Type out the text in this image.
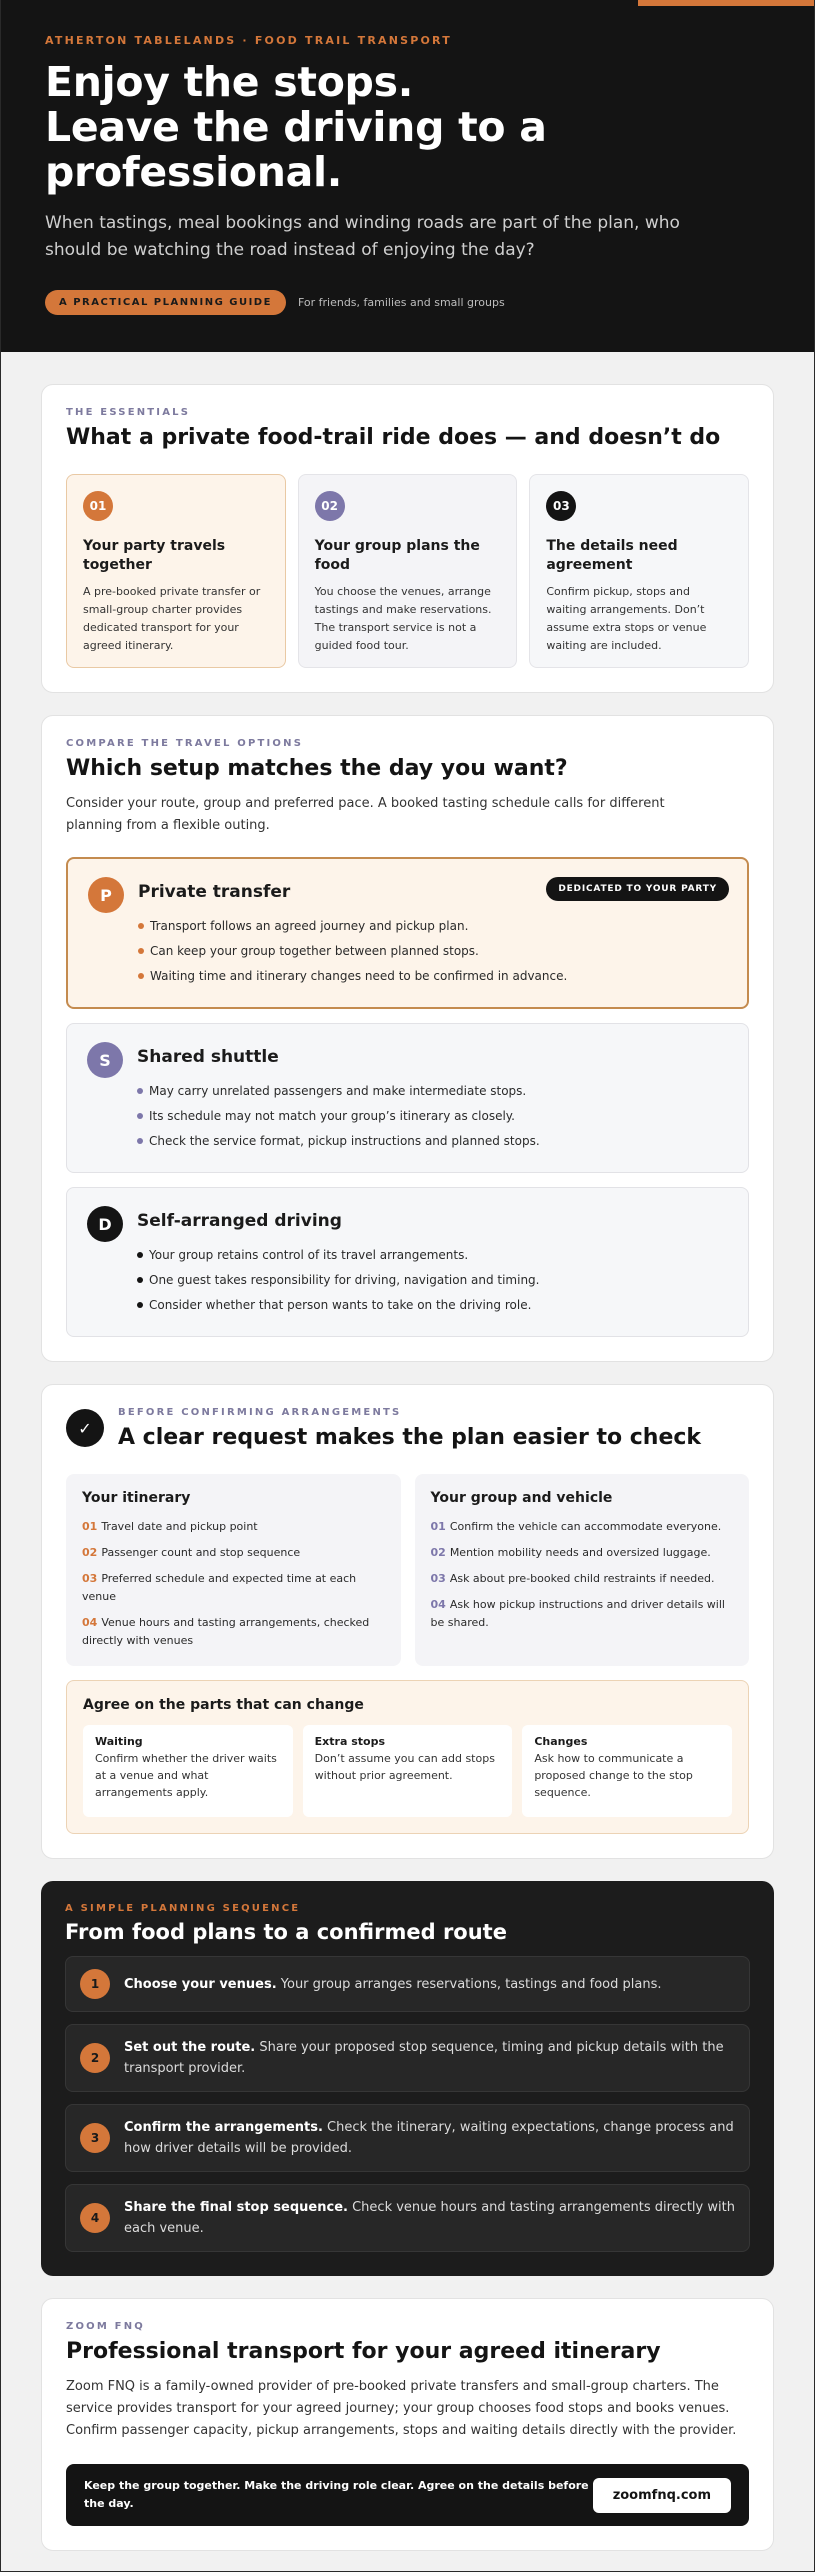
ATHERTON TABLELANDS · FOOD TRAIL TRANSPORT
Enjoy the stops.
Leave the driving to a
professional.

When tastings, meal bookings and winding roads are part of the plan, who should be watching the road instead of enjoying the day?

A PRACTICAL PLANNING GUIDE	For friends, families and small groups
THE ESSENTIALS
What a private food-trail ride does — and doesn’t do
01
Your party travels together

A pre-booked private transfer or small-group charter provides dedicated transport for your agreed itinerary.

02
Your group plans the food

You choose the venues, arrange tastings and make reservations. The transport service is not a guided food tour.

03
The details need agreement

Confirm pickup, stops and waiting arrangements. Don’t assume extra stops or venue waiting are included.

COMPARE THE TRAVEL OPTIONS
Which setup matches the day you want?

Consider your route, group and preferred pace. A booked tasting schedule calls for different planning from a flexible outing.

P	Private transfer
Transport follows an agreed journey and pickup plan.
Can keep your group together between planned stops.
Waiting time and itinerary changes need to be confirmed in advance.
DEDICATED TO YOUR PARTY
S	Shared shuttle
May carry unrelated passengers and make intermediate stops.
Its schedule may not match your group’s itinerary as closely.
Check the service format, pickup instructions and planned stops.
D	Self-arranged driving
Your group retains control of its travel arrangements.
One guest takes responsibility for driving, navigation and timing.
Consider whether that person wants to take on the driving role.
✓
BEFORE CONFIRMING ARRANGEMENTS
A clear request makes the plan easier to check
Your itinerary
01 Travel date and pickup point
02 Passenger count and stop sequence
03 Preferred schedule and expected time at each venue
04 Venue hours and tasting arrangements, checked directly with venues
Your group and vehicle
01 Confirm the vehicle can accommodate everyone.
02 Mention mobility needs and oversized luggage.
03 Ask about pre-booked child restraints if needed.
04 Ask how pickup instructions and driver details will be shared.
Agree on the parts that can change
Waiting

Confirm whether the driver waits at a venue and what arrangements apply.

Extra stops

Don’t assume you can add stops without prior agreement.

Changes

Ask how to communicate a proposed change to the stop sequence.

A SIMPLE PLANNING SEQUENCE
From food plans to a confirmed route
1	Choose your venues. Your group arranges reservations, tastings and food plans.

2

Set out the route. Share your proposed stop sequence, timing and pickup details with the transport provider.

3

Confirm the arrangements. Check the itinerary, waiting expectations, change process and how driver details will be provided.

4

Share the final stop sequence. Check venue hours and tasting arrangements directly with each venue.

ZOOM FNQ
Professional transport for your agreed itinerary

Zoom FNQ is a family-owned provider of pre-booked private transfers and small-group charters. The service provides transport for your agreed journey; your group chooses food stops and books venues. Confirm passenger capacity, pickup arrangements, stops and waiting details directly with the provider.

Keep the group together. Make the driving role clear. Agree on the details before the day.

zoomfnq.com
